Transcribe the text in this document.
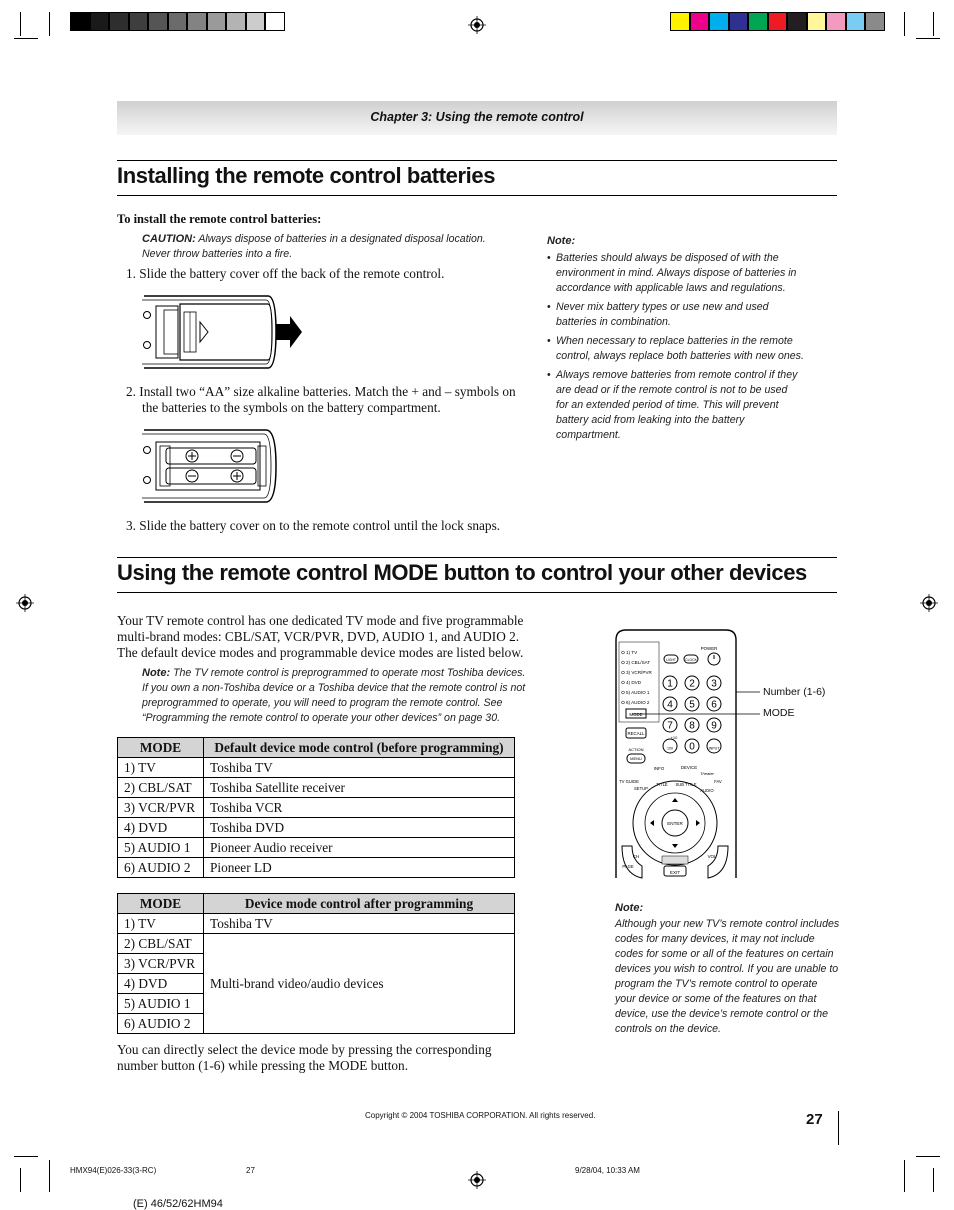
Chapter 3: Using the remote control
Installing the remote control batteries
To install the remote control batteries:
CAUTION: Always dispose of batteries in a designated disposal location.
Never throw batteries into a fire.
1. Slide the battery cover off the back of the remote control.
2. Install two “AA” size alkaline batteries. Match the + and – symbols on
the batteries to the symbols on the battery compartment.
3. Slide the battery cover on to the remote control until the lock snaps.
Note:
• Batteries should always be disposed of with the
environment in mind. Always dispose of batteries in
accordance with applicable laws and regulations.
• Never mix battery types or use new and used
batteries in combination.
• When necessary to replace batteries in the remote
control, always replace both batteries with new ones.
• Always remove batteries from remote control if they
are dead or if the remote control is not to be used
for an extended period of time. This will prevent
battery acid from leaking into the battery
compartment.
Using the remote control MODE button to control your other devices
Your TV remote control has one dedicated TV mode and five programmable
multi-brand modes: CBL/SAT, VCR/PVR, DVD, AUDIO 1, and AUDIO 2.
The default device modes and programmable device modes are listed below.
Note: The TV remote control is preprogrammed to operate most Toshiba devices.
If you own a non-Toshiba device or a Toshiba device that the remote control is not
preprogrammed to operate, you will need to program the remote control. See
“Programming the remote control to operate your other devices” on page 30.
MODE	Default device mode control (before programming)
1) TV	Toshiba TV
2) CBL/SAT	Toshiba Satellite receiver
3) VCR/PVR	Toshiba VCR
4) DVD	Toshiba DVD
5) AUDIO 1	Pioneer Audio receiver
6) AUDIO 2	Pioneer LD
MODE	Device mode control after programming
1) TV	Toshiba TV
2) CBL/SAT	Multi-brand video/audio devices
3) VCR/PVR	
4) DVD	
5) AUDIO 1	
6) AUDIO 2	
You can directly select the device mode by pressing the corresponding
number button (1-6) while pressing the MODE button.
1) TV
2) CBL/SAT
3) VCR/PVR
4) DVD
5) AUDIO 1
6) AUDIO 2
POWER
LIGHT	CLOCK
MODE
1 2 3
4 5 6
7 8 9
100 0	INPUT
RECALL
ACTION
MENU
+10
ENTER
INFO	DEVICE
Theater
FAV
TV GUIDE
SETUP
TITLE SUB TITLE
AUDIO
CH	VOL
PAGE
EXIT
Number (1-6)
MODE
Note:
Although your new TV’s remote control includes
codes for many devices, it may not include
codes for some or all of the features on certain
devices you wish to control. If you are unable to
program the TV’s remote control to operate
your device or some of the features on that
device, use the device’s remote control or the
controls on the device.
Copyright © 2004 TOSHIBA CORPORATION. All rights reserved.	27
HMX94(E)026-33(3-RC)	27	9/28/04, 10:33 AM
(E) 46/52/62HM94
